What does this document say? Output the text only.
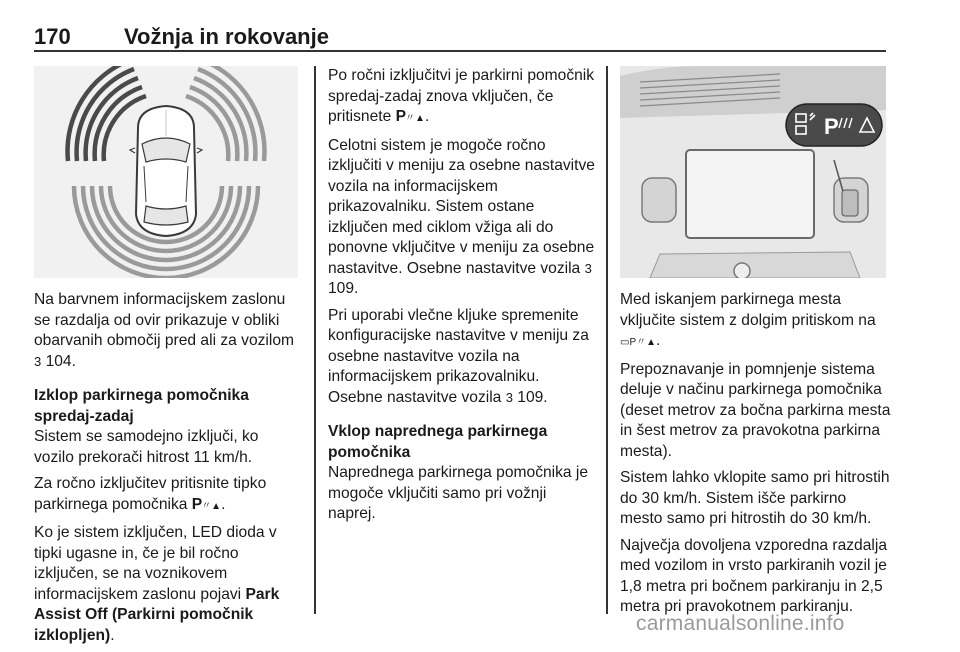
170 Vožnja in rokovanje

Na barvnem informacijskem zaslonu se razdalja od ovir prikazuje v obliki obarvanih območij pred ali za vozilom 3 104.

Izklop parkirnega pomočnika spredaj-zadaj

Sistem se samodejno izključi, ko vozilo prekorači hitrost 11 km/h.

Za ročno izključitev pritisnite tipko parkirnega pomočnika P〃▲.

Ko je sistem izključen, LED dioda v tipki ugasne in, če je bil ročno izključen, se na voznikovem informacijskem zaslonu pojavi Park Assist Off (Parkirni pomočnik izklopljen).

Po ročni izključitvi je parkirni pomočnik spredaj-zadaj znova vključen, če pritisnete P〃▲.

Celotni sistem je mogoče ročno izključiti v meniju za osebne nastavitve vozila na informacijskem prikazovalniku. Sistem ostane izključen med ciklom vžiga ali do ponovne vključitve v meniju za osebne nastavitve. Osebne nastavitve vozila 3 109.

Pri uporabi vlečne kljuke spremenite konfiguracijske nastavitve v meniju za osebne nastavitve vozila na informacijskem prikazovalniku. Osebne nastavitve vozila 3 109.

Vklop naprednega parkirnega pomočnika

Naprednega parkirnega pomočnika je mogoče vključiti samo pri vožnji naprej.

P

Med iskanjem parkirnega mesta vključite sistem z dolgim pritiskom na ▭P〃▲.

Prepoznavanje in pomnjenje sistema deluje v načinu parkirnega pomočnika (deset metrov za bočna parkirna mesta in šest metrov za pravokotna parkirna mesta).

Sistem lahko vklopite samo pri hitrostih do 30 km/h. Sistem išče parkirno mesto samo pri hitrostih do 30 km/h.

Največja dovoljena vzporedna razdalja med vozilom in vrsto parkiranih vozil je 1,8 metra pri bočnem parkiranju in 2,5 metra pri pravokotnem parkiranju.

carmanualsonline.info
